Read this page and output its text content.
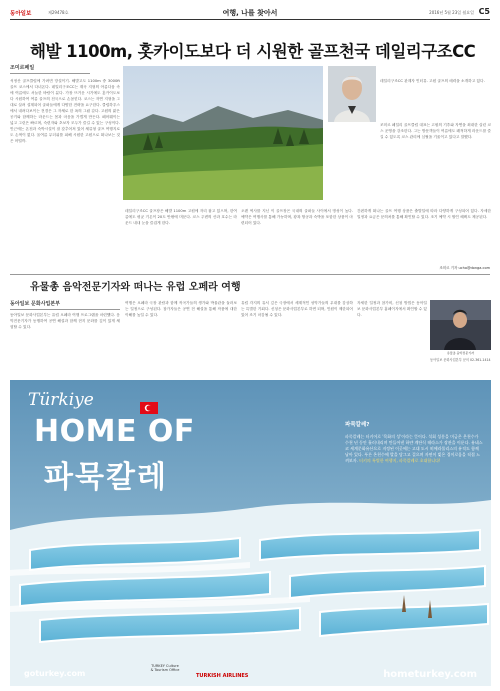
동아일보	제29478호	여행, 나를 찾아서	2016년 5월 23일 월요일 C5
해발 1100m, 홋카이도보다 더 시원한 골프천국 데일리구조CC
조미르페일
석정산 골프클럽에 가려면 망설이기. 해발고도 1100m 중 3000ft 골프 코스에서 다녀온다. 데일리구조CC는 계곡 지형의 아름다움 속에 여름에도 서늘한 바람이 분다. 가장 뜨거운 시기에도 홋카이도보다 시원하여 여름 골프의 천국으로 손꼽힌다. 코스는 자연 지형을 그대로 살려 설계되어 골퍼들에게 다양한 전략을 요구한다. 클럽하우스에서 내려다보이는 전경은 그 자체로 한 폭의 그림 같다. 고원의 맑은 공기와 함께하는 라운드는 몸과 마음을 가볍게 만든다. 페어웨이는 넓고 그린은 빠르며, 숙련자와 초보자 모두가 즐길 수 있는 구성이다. 인근에는 온천과 숙박시설이 잘 갖추어져 있어 체류형 골프 여행지로도 손색이 없다. 올여름 무더위를 피해 시원한 고원으로 떠나보는 것은 어떨까.
데일리구조CC 관계자 인터뷰. 고원 골프의 매력을 소개하고 있다.
조미르 페일리 골프클럽 대표는 고원의 기후와 자연을 최대한 살린 코스 운영을 강조한다. 그는 방문객들이 여름에도 쾌적하게 라운드를 즐길 수 있도록 코스 관리에 심혈을 기울이고 있다고 말했다.
데일리구조CC 골프장은 해발 1100m 고원에 자리 잡고 있으며, 한여름에도 평균 기온이 20도 안팎에 머문다. 코스 주변의 산과 호수는 라운드 내내 눈을 즐겁게 한다.
오랜 역사를 지닌 이 골프장은 국내외 골퍼들 사이에서 명성이 높다. 예약은 여행사를 통해 가능하며, 왕복 항공과 숙박을 포함한 상품이 마련되어 있다.
간편하게 떠나는 골프 여행 상품은 출발일에 따라 다양하게 구성되어 있다. 자세한 일정과 요금은 문의처를 통해 확인할 수 있다. 조기 예약 시 할인 혜택도 제공된다.
조미르 기자 ucho@donga.com
유물총 음악전문기자와 떠나는 유럽 오페라 여행
동아일보 문화사업본부
동아일보 문화사업본부는 유럽 오페라 여행 프로그램을 마련했다. 음악전문기자가 동행하여 공연 해설과 함께 현지 문화를 깊이 있게 체험할 수 있다.
여행은 오페라 극장 관람과 함께 작곡가들의 생가와 박물관을 둘러보는 일정으로 구성된다. 참가자들은 공연 전 해설을 통해 작품에 대한 이해를 높일 수 있다.
유럽 각지의 유서 깊은 극장에서 세계적인 성악가들의 무대를 감상하는 특별한 기회다. 신청은 문화사업본부로 하면 되며, 인원이 제한되어 있어 조기 마감될 수 있다.
자세한 일정과 참가비, 신청 방법은 동아일보 문화사업본부 홈페이지에서 확인할 수 있다.
유물총 음악전문기자
동아일보 문화사업본부 문의 02-361-1414
Türkiye
HOME OF
파묵칼레
파묵칼레?
파묵칼레는 터키어로 '목화의 성'이라는 뜻이다. 석회 성분을 머금은 온천수가 수천 년 동안 흘러내리며 만들어낸 하얀 계단식 테라스가 장관을 이룬다. 유네스코 세계문화유산으로 지정된 이곳에는 고대 도시 히에라폴리스의 유적도 함께 남아 있다. 푸른 온천수에 발을 담그고 걸으며 자연이 빚은 경이로움을 직접 느껴보자. 터키의 특별한 여행지, 파묵칼레로 초대합니다!
TURKEY Culture & Tourism Office
TURKISH AIRLINES
goturkey.com	hometurkey.com
